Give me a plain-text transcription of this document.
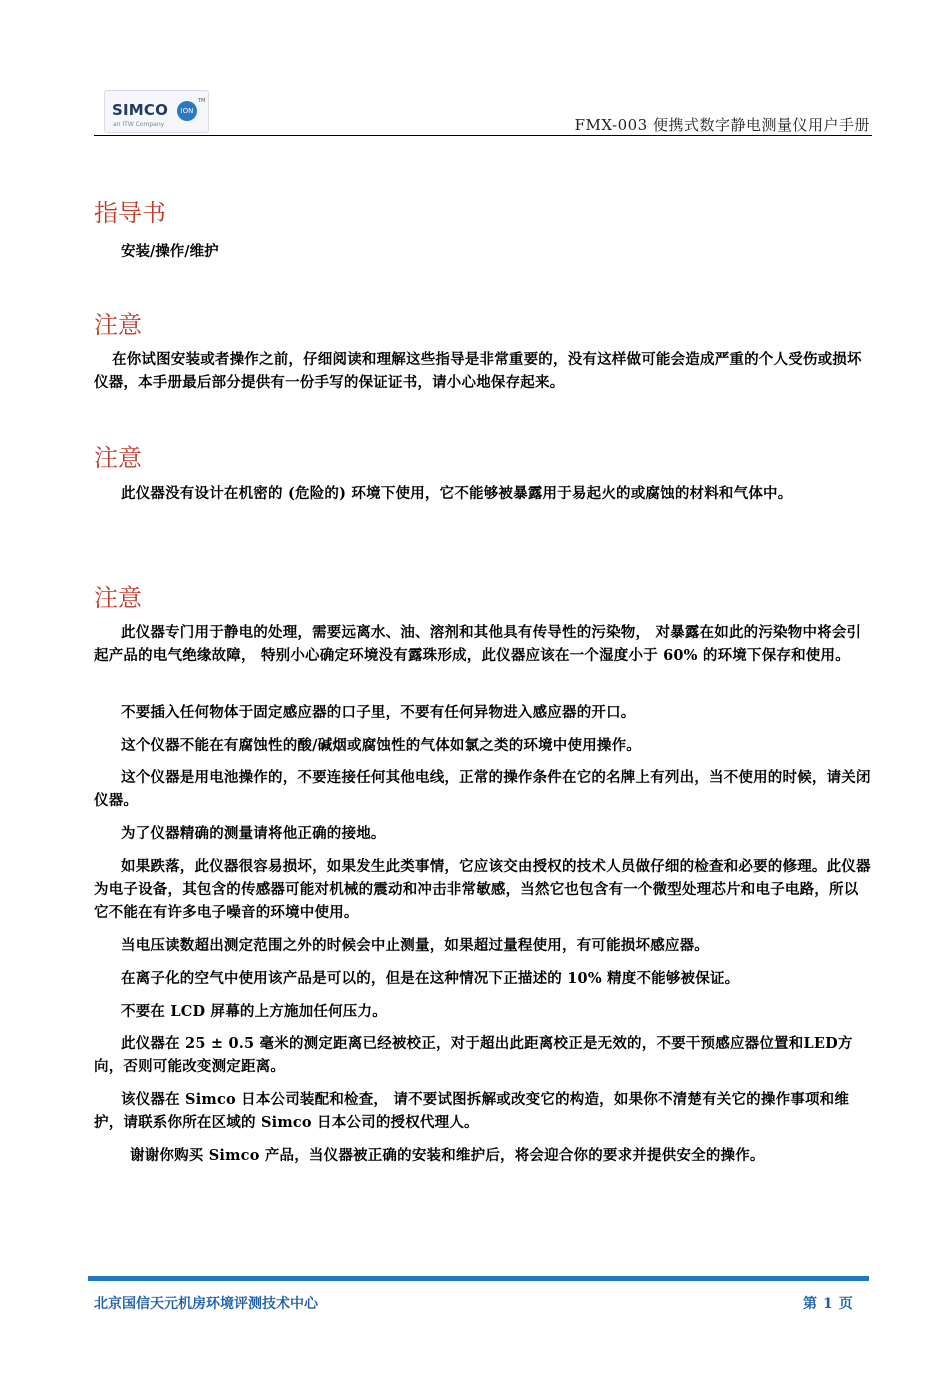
SIMCO	ION
TM
an ITW Company	FMX-003 便携式数字静电测量仪用户手册
指导书
安装/操作/维护
注意
在你试图安装或者操作之前，仔细阅读和理解这些指导是非常重要的，没有这样做可能会造成严重的个人受伤或损坏仪器，本手册最后部分提供有一份手写的保证证书，请小心地保存起来。
注意
此仪器没有设计在机密的 (危险的) 环境下使用，它不能够被暴露用于易起火的或腐蚀的材料和气体中。
注意
此仪器专门用于静电的处理，需要远离水、油、溶剂和其他具有传导性的污染物， 对暴露在如此的污染物中将会引起产品的电气绝缘故障， 特别小心确定环境没有露珠形成，此仪器应该在一个湿度小于 60% 的环境下保存和使用。
不要插入任何物体于固定感应器的口子里，不要有任何异物进入感应器的开口。
这个仪器不能在有腐蚀性的酸/碱烟或腐蚀性的气体如氯之类的环境中使用操作。
这个仪器是用电池操作的，不要连接任何其他电线，正常的操作条件在它的名牌上有列出，当不使用的时候，请关闭仪器。
为了仪器精确的测量请将他正确的接地。
如果跌落，此仪器很容易损坏，如果发生此类事情，它应该交由授权的技术人员做仔细的检查和必要的修理。此仪器为电子设备，其包含的传感器可能对机械的震动和冲击非常敏感，当然它也包含有一个微型处理芯片和电子电路，所以它不能在有许多电子噪音的环境中使用。
当电压读数超出测定范围之外的时候会中止测量，如果超过量程使用，有可能损坏感应器。
在离子化的空气中使用该产品是可以的，但是在这种情况下正描述的 10% 精度不能够被保证。
不要在 LCD 屏幕的上方施加任何压力。
此仪器在 25 ± 0.5 毫米的测定距离已经被校正，对于超出此距离校正是无效的，不要干预感应器位置和LED方向，否则可能改变测定距离。
该仪器在 Simco 日本公司装配和检查， 请不要试图拆解或改变它的构造，如果你不清楚有关它的操作事项和维护，请联系你所在区域的 Simco 日本公司的授权代理人。
谢谢你购买 Simco 产品，当仪器被正确的安装和维护后，将会迎合你的要求并提供安全的操作。
北京国信天元机房环境评测技术中心	第 1 页
